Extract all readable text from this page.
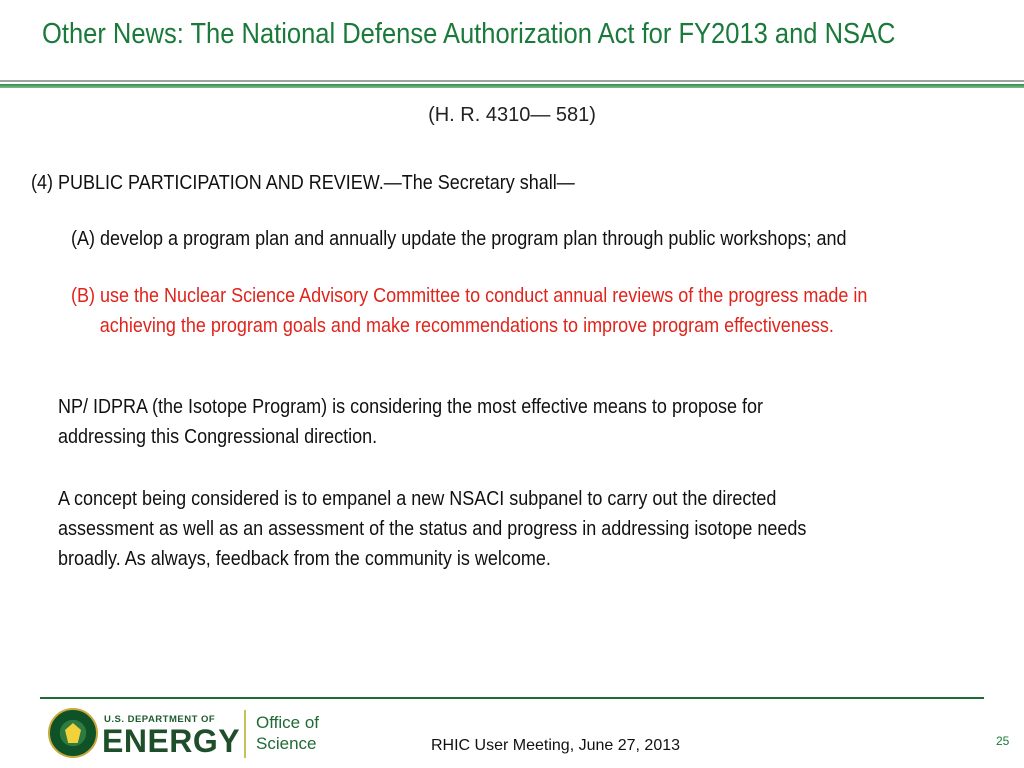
Other News: The National Defense Authorization Act for FY2013 and NSAC
(H. R. 4310— 581)
(4) PUBLIC PARTICIPATION AND REVIEW.—The Secretary shall—
(A) develop a program plan and annually update the program plan through public workshops; and
(B) use the Nuclear Science Advisory Committee to conduct annual reviews of the progress made in
achieving the program goals and make recommendations to improve program effectiveness.
NP/ IDPRA (the Isotope Program) is considering the most effective means to propose for
addressing this Congressional direction.
A concept being considered is to empanel a new NSACI subpanel to carry out the directed
assessment as well as an assessment of the status and progress in addressing isotope needs
broadly. As always, feedback from the community is welcome.
U.S. DEPARTMENT OF
ENERGY
Office of
Science	RHIC User Meeting, June 27, 2013	25
